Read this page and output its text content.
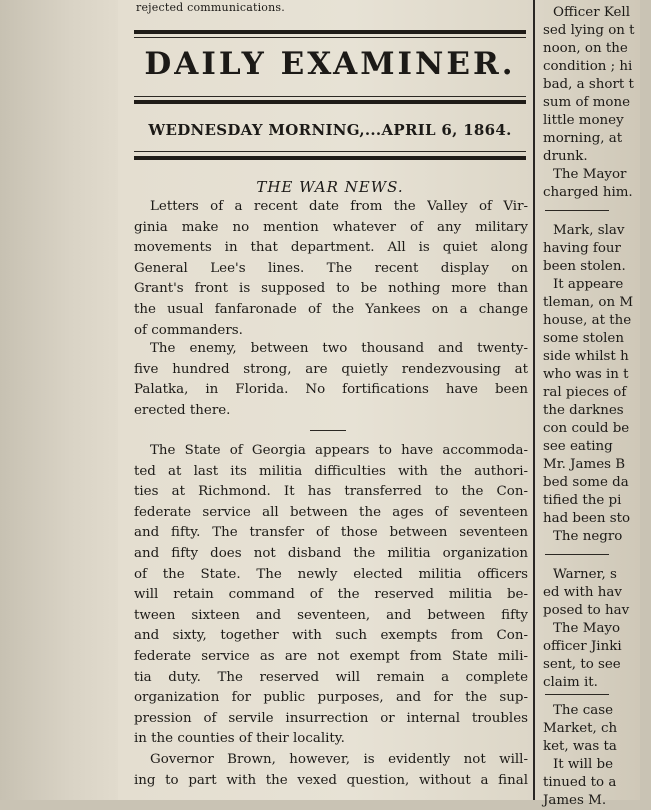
rejected communications.
DAILY EXAMINER.
WEDNESDAY MORNING,...APRIL 6, 1864.
THE WAR NEWS.
Letters of a recent date from the Valley of Vir-
ginia make no mention whatever of any military
movements in that department. All is quiet along
General Lee's lines. The recent display on
Grant's front is supposed to be nothing more than
the usual fanfaronade of the Yankees on a change
of commanders.
The enemy, between two thousand and twenty-
five hundred strong, are quietly rendezvousing at
Palatka, in Florida. No fortifications have been
erected there.
The State of Georgia appears to have accommoda-
ted at last its militia difficulties with the authori-
ties at Richmond. It has transferred to the Con-
federate service all between the ages of seventeen
and fifty. The transfer of those between seventeen
and fifty does not disband the militia organization
of the State. The newly elected militia officers
will retain command of the reserved militia be-
tween sixteen and seventeen, and between fifty
and sixty, together with such exempts from Con-
federate service as are not exempt from State mili-
tia duty. The reserved will remain a complete
organization for public purposes, and for the sup-
pression of servile insurrection or internal troubles
in the counties of their locality.
Governor Brown, however, is evidently not will-
ing to part with the vexed question, without a final
Officer Kell
sed lying on t
noon, on the
condition ; hi
bad, a short t
sum of mone
little money
morning, at
drunk.
The Mayor
charged him.
Mark, slav
having four
been stolen.
It appeare
tleman, on M
house, at the
some stolen
side whilst h
who was in t
ral pieces of
the darknes
con could be
see eating
Mr. James B
bed some da
tified the pi
had been sto
The negro
Warner, s
ed with hav
posed to hav
The Mayo
officer Jinki
sent, to see
claim it.
The case
Market, ch
ket, was ta
It will be
tinued to a
James M.
